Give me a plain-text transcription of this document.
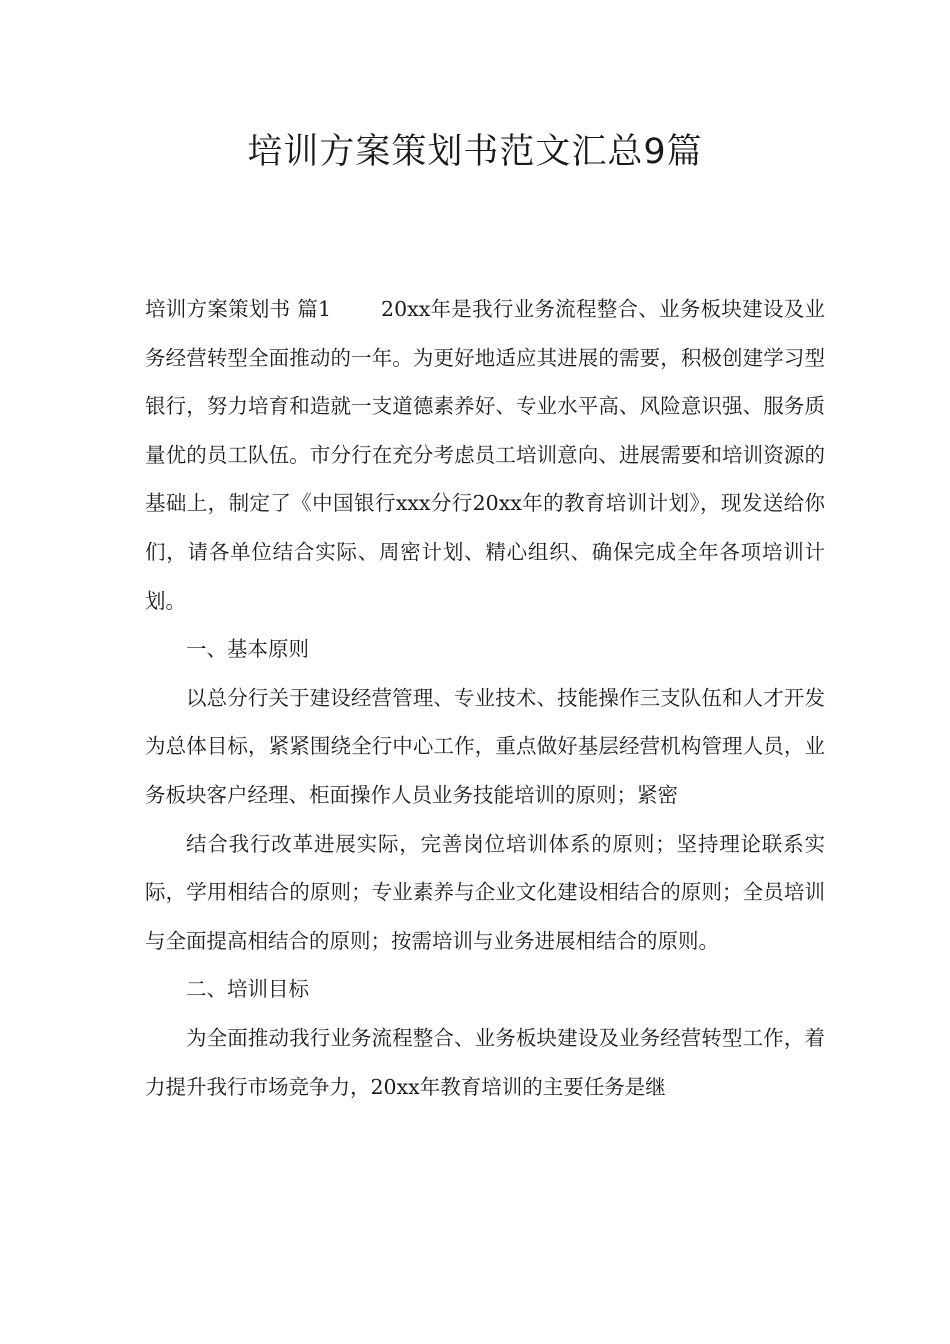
培训方案策划书范文汇总9篇

培训方案策划书 篇1 20xx年是我行业务流程整合、业务板块建设及业务经营转型全面推动的一年。为更好地适应其进展的需要，积极创建学习型银行，努力培育和造就一支道德素养好、专业水平高、风险意识强、服务质量优的员工队伍。市分行在充分考虑员工培训意向、进展需要和培训资源的基础上，制定了《中国银行xxx分行20xx年的教育培训计划》，现发送给你们，请各单位结合实际、周密计划、精心组织、确保完成全年各项培训计划。

一、基本原则

以总分行关于建设经营管理、专业技术、技能操作三支队伍和人才开发为总体目标，紧紧围绕全行中心工作，重点做好基层经营机构管理人员，业务板块客户经理、柜面操作人员业务技能培训的原则；紧密

结合我行改革进展实际，完善岗位培训体系的原则；坚持理论联系实际，学用相结合的原则；专业素养与企业文化建设相结合的原则；全员培训与全面提高相结合的原则；按需培训与业务进展相结合的原则。

二、培训目标

为全面推动我行业务流程整合、业务板块建设及业务经营转型工作，着力提升我行市场竞争力，20xx年教育培训的主要任务是继
